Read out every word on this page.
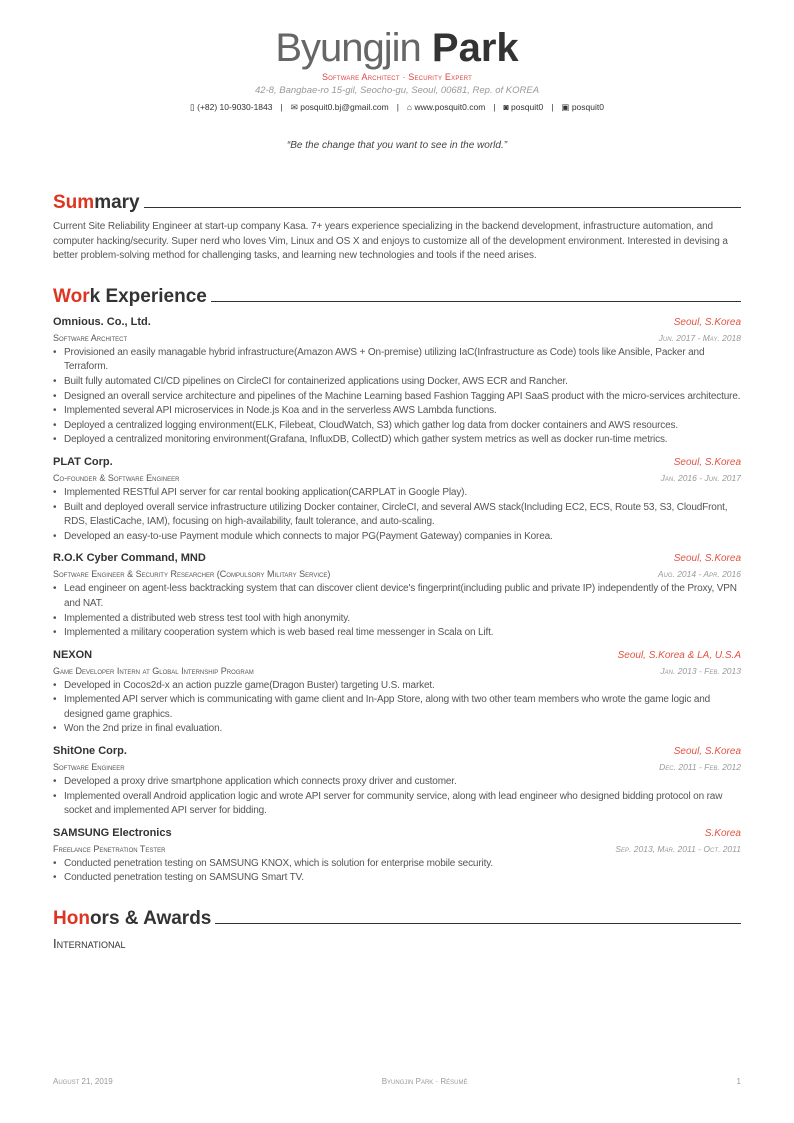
Byungjin Park
Software Architect · Security Expert
42-8, Bangbae-ro 15-gil, Seocho-gu, Seoul, 00681, Rep. of KOREA
▯ (+82) 10-9030-1843 | ✉ posquit0.bj@gmail.com | ⌂ www.posquit0.com | ◙ posquit0 | ▣ posquit0
“Be the change that you want to see in the world.”
Sum mary
Current Site Reliability Engineer at start-up company Kasa. 7+ years experience specializing in the backend development, infrastructure automation, and computer hacking/security. Super nerd who loves Vim, Linux and OS X and enjoys to customize all of the development environment. Interested in devising a better problem-solving method for challenging tasks, and learning new technologies and tools if the need arises.
Wor k Experience
Omnious. Co., Ltd.	Seoul, S.Korea
Software Architect	Jun. 2017 - May. 2018
• Provisioned an easily managable hybrid infrastructure(Amazon AWS + On-premise) utilizing IaC(Infrastructure as Code) tools like Ansible, Packer and Terraform.
• Built fully automated CI/CD pipelines on CircleCI for containerized applications using Docker, AWS ECR and Rancher.
• Designed an overall service architecture and pipelines of the Machine Learning based Fashion Tagging API SaaS product with the micro-services architecture.
• Implemented several API microservices in Node.js Koa and in the serverless AWS Lambda functions.
• Deployed a centralized logging environment(ELK, Filebeat, CloudWatch, S3) which gather log data from docker containers and AWS resources.
• Deployed a centralized monitoring environment(Grafana, InfluxDB, CollectD) which gather system metrics as well as docker run-time metrics.
PLAT Corp.	Seoul, S.Korea
Co-founder & Software Engineer	Jan. 2016 - Jun. 2017
• Implemented RESTful API server for car rental booking application(CARPLAT in Google Play).
• Built and deployed overall service infrastructure utilizing Docker container, CircleCI, and several AWS stack(Including EC2, ECS, Route 53, S3, CloudFront, RDS, ElastiCache, IAM), focusing on high-availability, fault tolerance, and auto-scaling.
• Developed an easy-to-use Payment module which connects to major PG(Payment Gateway) companies in Korea.
R.O.K Cyber Command, MND	Seoul, S.Korea
Software Engineer & Security Researcher (Compulsory Military Service)	Aug. 2014 - Apr. 2016
• Lead engineer on agent-less backtracking system that can discover client device's fingerprint(including public and private IP) independently of the Proxy, VPN and NAT.
• Implemented a distributed web stress test tool with high anonymity.
• Implemented a military cooperation system which is web based real time messenger in Scala on Lift.
NEXON	Seoul, S.Korea & LA, U.S.A
Game Developer Intern at Global Internship Program	Jan. 2013 - Feb. 2013
• Developed in Cocos2d-x an action puzzle game(Dragon Buster) targeting U.S. market.
• Implemented API server which is communicating with game client and In-App Store, along with two other team members who wrote the game logic and designed game graphics.
• Won the 2nd prize in final evaluation.
ShitOne Corp.	Seoul, S.Korea
Software Engineer	Dec. 2011 - Feb. 2012
• Developed a proxy drive smartphone application which connects proxy driver and customer.
• Implemented overall Android application logic and wrote API server for community service, along with lead engineer who designed bidding protocol on raw socket and implemented API server for bidding.
SAMSUNG Electronics	S.Korea
Freelance Penetration Tester	Sep. 2013, Mar. 2011 - Oct. 2011
• Conducted penetration testing on SAMSUNG KNOX, which is solution for enterprise mobile security.
• Conducted penetration testing on SAMSUNG Smart TV.
Hon ors & Awards
International
August 21, 2019	Byungjin Park · Résumé	1
